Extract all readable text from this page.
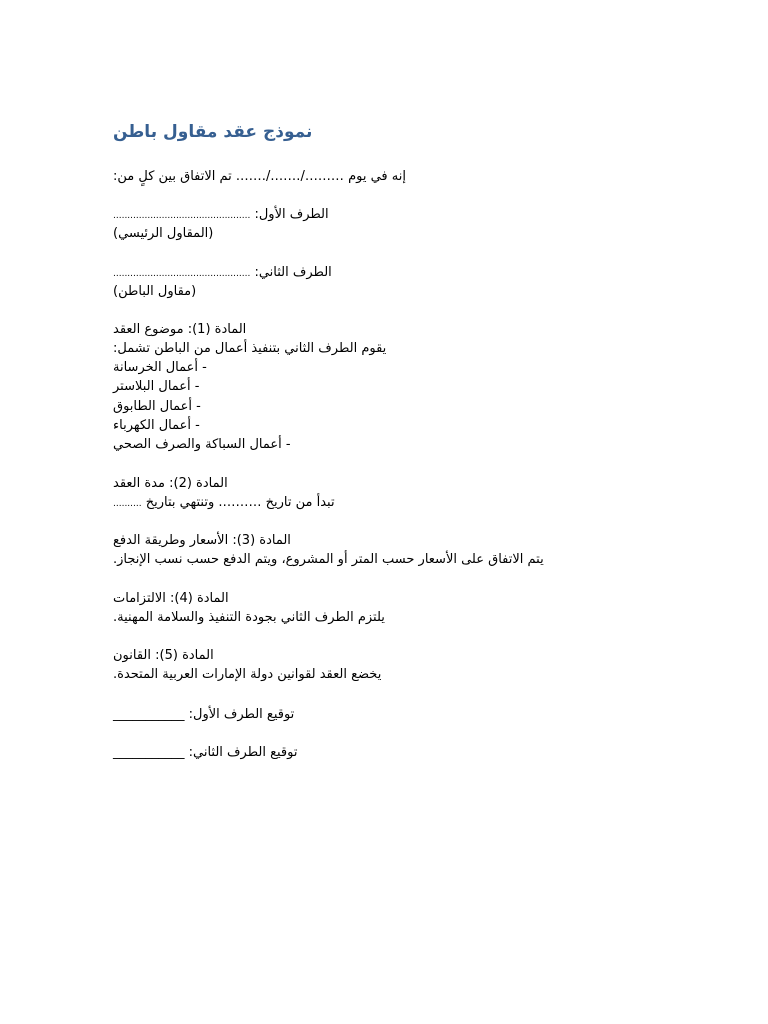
نموذج عقد مقاول باطن
إنه في يوم ………/……./……. تم الاتفاق بين كلٍ من:
الطرف الأول: ................................................
(المقاول الرئيسي)
الطرف الثاني: ................................................
(مقاول الباطن)
المادة (1): موضوع العقد
يقوم الطرف الثاني بتنفيذ أعمال من الباطن تشمل:
- أعمال الخرسانة
- أعمال البلاستر
- أعمال الطابوق
- أعمال الكهرباء
- أعمال السباكة والصرف الصحي
المادة (2): مدة العقد
تبدأ من تاريخ ………. وتنتهي بتاريخ ..........
المادة (3): الأسعار وطريقة الدفع
يتم الاتفاق على الأسعار حسب المتر أو المشروع، ويتم الدفع حسب نسب الإنجاز.
المادة (4): الالتزامات
يلتزم الطرف الثاني بجودة التنفيذ والسلامة المهنية.
المادة (5): القانون
يخضع العقد لقوانين دولة الإمارات العربية المتحدة.
توقيع الطرف الأول: ___________
توقيع الطرف الثاني: ___________
